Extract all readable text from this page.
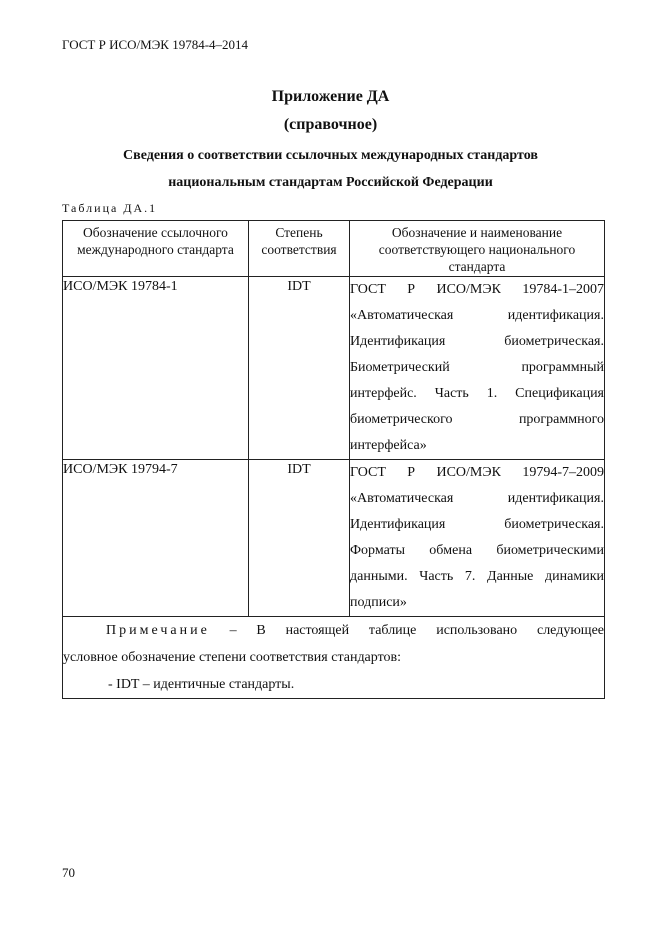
ГОСТ Р ИСО/МЭК 19784-4–2014
Приложение ДА
(справочное)
Сведения о соответствии ссылочных международных стандартов
национальным стандартам Российской Федерации
Таблица ДА.1
Обозначение ссылочного международного стандарта	Степень соответствия	Обозначение и наименование соответствующего национального стандарта
ИСО/МЭК 19784-1	IDT	ГОСТ Р ИСО/МЭК 19784-1–2007 «Автоматическая идентификация. Идентификация биометрическая. Биометрический программный интерфейс. Часть 1. Спецификация биометрического программного интерфейса»
ИСО/МЭК 19794-7	IDT	ГОСТ Р ИСО/МЭК 19794-7–2009 «Автоматическая идентификация. Идентификация биометрическая. Форматы обмена биометрическими данными. Часть 7. Данные динамики подписи»

Примечание – В настоящей таблице использовано следующее
условное обозначение степени соответствия стандартов:
- IDT – идентичные стандарты.		
70
